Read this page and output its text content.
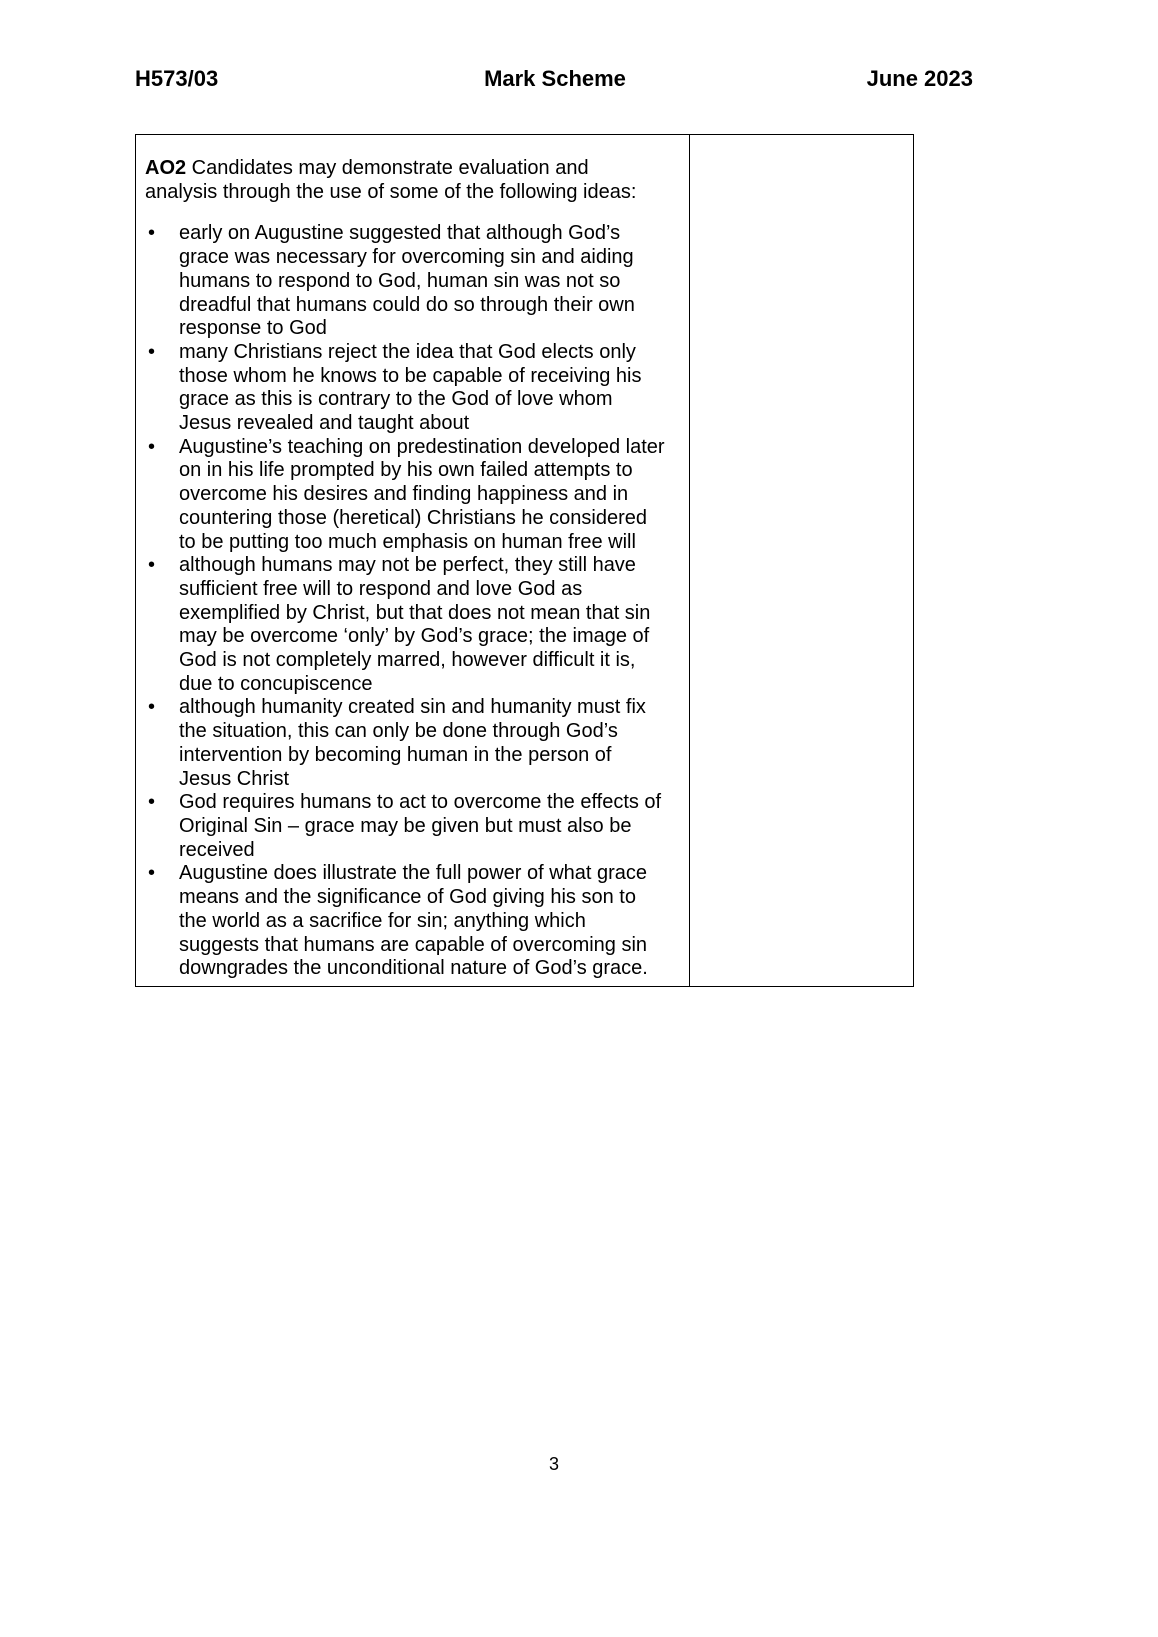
H573/03	Mark Scheme	June 2023
AO2 Candidates may demonstrate evaluation and
analysis through the use of some of the following ideas:
• early on Augustine suggested that although God’s
grace was necessary for overcoming sin and aiding
humans to respond to God, human sin was not so
dreadful that humans could do so through their own
response to God
• many Christians reject the idea that God elects only
those whom he knows to be capable of receiving his
grace as this is contrary to the God of love whom
Jesus revealed and taught about
• Augustine’s teaching on predestination developed later
on in his life prompted by his own failed attempts to
overcome his desires and finding happiness and in
countering those (heretical) Christians he considered
to be putting too much emphasis on human free will
• although humans may not be perfect, they still have
sufficient free will to respond and love God as
exemplified by Christ, but that does not mean that sin
may be overcome ‘only’ by God’s grace; the image of
God is not completely marred, however difficult it is,
due to concupiscence
• although humanity created sin and humanity must fix
the situation, this can only be done through God’s
intervention by becoming human in the person of
Jesus Christ
• God requires humans to act to overcome the effects of
Original Sin – grace may be given but must also be
received
• Augustine does illustrate the full power of what grace
means and the significance of God giving his son to
the world as a sacrifice for sin; anything which
suggests that humans are capable of overcoming sin
downgrades the unconditional nature of God’s grace.
3
